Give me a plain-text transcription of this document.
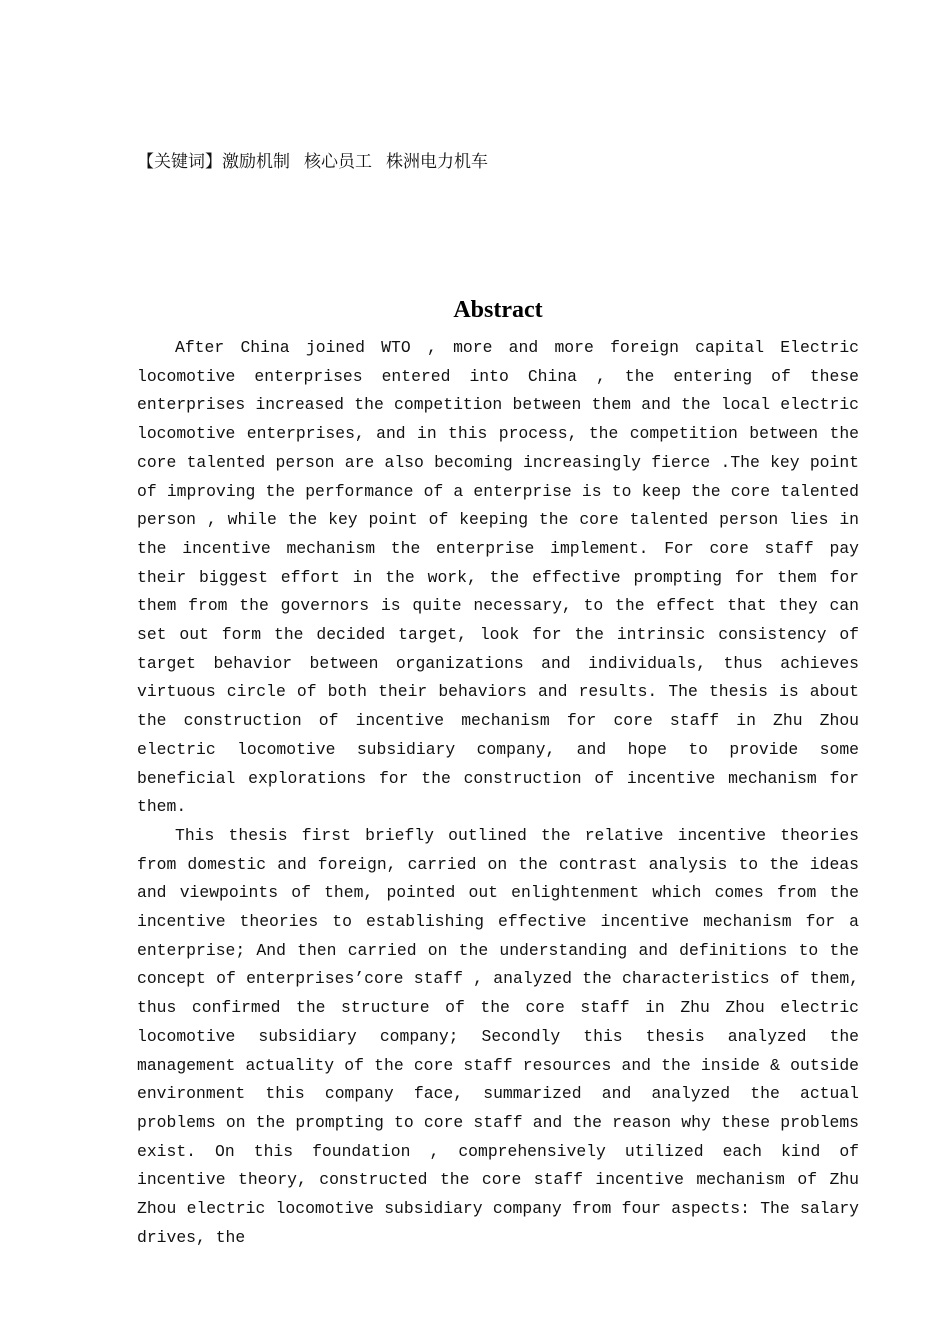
【关键词】激励机制 核心员工 株洲电力机车
Abstract

After China joined WTO , more and more foreign capital Electric locomotive enterprises entered into China , the entering of these enterprises increased the competition between them and the local electric locomotive enterprises, and in this process, the competition between the core talented person are also becoming increasingly fierce .The key point of improving the performance of a enterprise is to keep the core talented person , while the key point of keeping the core talented person lies in the incentive mechanism the enterprise implement. For core staff pay their biggest effort in the work, the effective prompting for them for them from the governors is quite necessary, to the effect that they can set out form the decided target, look for the intrinsic consistency of target behavior between organizations and individuals, thus achieves virtuous circle of both their behaviors and results. The thesis is about the construction of incentive mechanism for core staff in Zhu Zhou electric locomotive subsidiary company, and hope to provide some beneficial explorations for the construction of incentive mechanism for them.

This thesis first briefly outlined the relative incentive theories from domestic and foreign, carried on the contrast analysis to the ideas and viewpoints of them, pointed out enlightenment which comes from the incentive theories to establishing effective incentive mechanism for a enterprise; And then carried on the understanding and definitions to the concept of enterprises’core staff , analyzed the characteristics of them, thus confirmed the structure of the core staff in Zhu Zhou electric locomotive subsidiary company; Secondly this thesis analyzed the management actuality of the core staff resources and the inside & outside environment this company face, summarized and analyzed the actual problems on the prompting to core staff and the reason why these problems exist. On this foundation , comprehensively utilized each kind of incentive theory, constructed the core staff incentive mechanism of Zhu Zhou electric locomotive subsidiary company from four aspects: The salary drives, the
